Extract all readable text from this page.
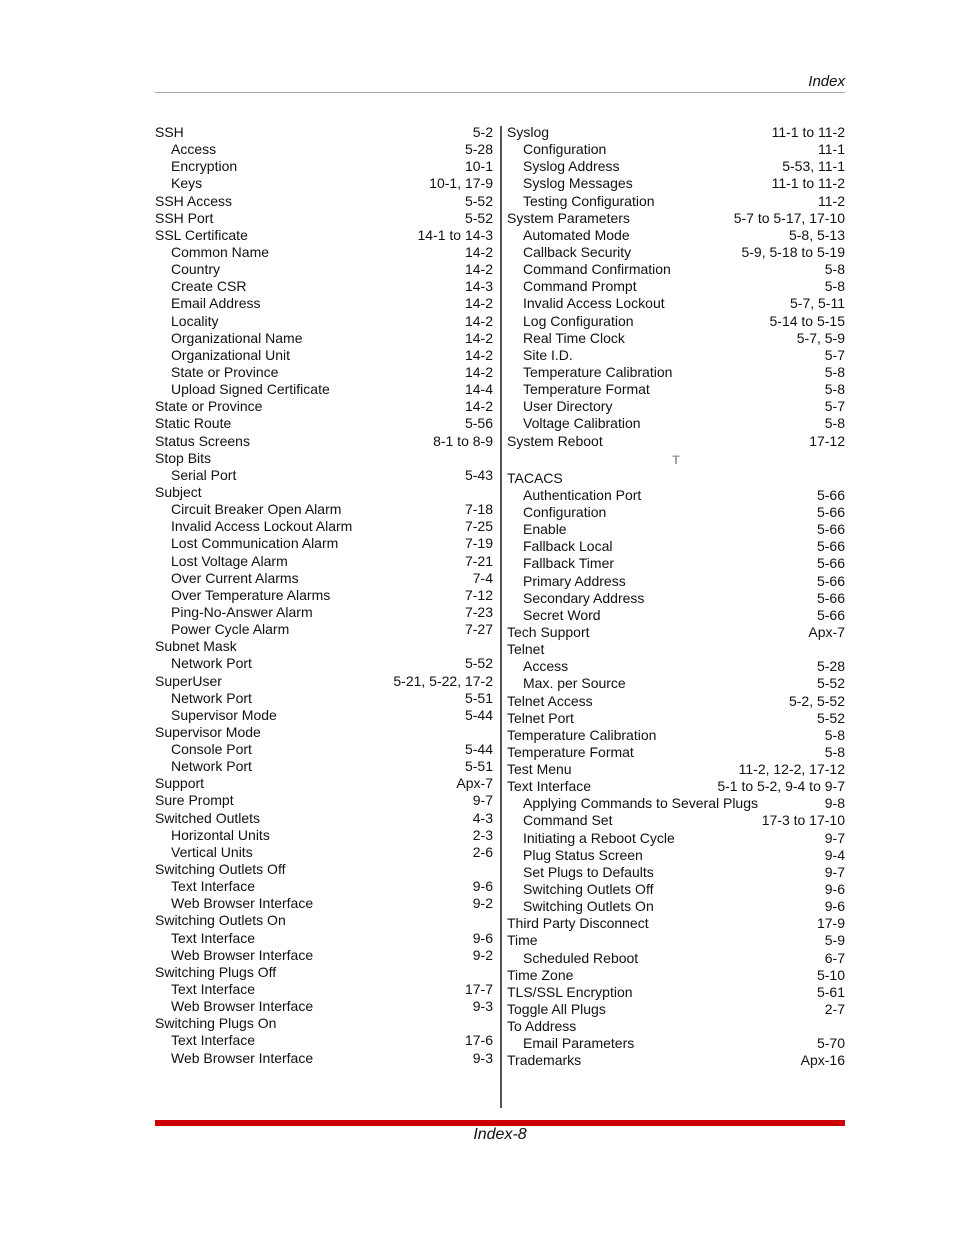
Index
SSH	5-2
Access	5-28
Encryption	10-1
Keys	10-1, 17-9
SSH Access	5-52
SSH Port	5-52
SSL Certificate	14-1 to 14-3
Common Name	14-2
Country	14-2
Create CSR	14-3
Email Address	14-2
Locality	14-2
Organizational Name	14-2
Organizational Unit	14-2
State or Province	14-2
Upload Signed Certificate	14-4
State or Province	14-2
Static Route	5-56
Status Screens	8-1 to 8-9
Stop Bits
Serial Port	5-43
Subject
Circuit Breaker Open Alarm	7-18
Invalid Access Lockout Alarm	7-25
Lost Communication Alarm	7-19
Lost Voltage Alarm	7-21
Over Current Alarms	7-4
Over Temperature Alarms	7-12
Ping-No-Answer Alarm	7-23
Power Cycle Alarm	7-27
Subnet Mask
Network Port	5-52
SuperUser	5-21, 5-22, 17-2
Network Port	5-51
Supervisor Mode	5-44
Supervisor Mode
Console Port	5-44
Network Port	5-51
Support	Apx-7
Sure Prompt	9-7
Switched Outlets	4-3
Horizontal Units	2-3
Vertical Units	2-6
Switching Outlets Off
Text Interface	9-6
Web Browser Interface	9-2
Switching Outlets On
Text Interface	9-6
Web Browser Interface	9-2
Switching Plugs Off
Text Interface	17-7
Web Browser Interface	9-3
Switching Plugs On
Text Interface	17-6
Web Browser Interface	9-3
Syslog	11-1 to 11-2
Configuration	11-1
Syslog Address	5-53, 11-1
Syslog Messages	11-1 to 11-2
Testing Configuration	11-2
System Parameters	5-7 to 5-17, 17-10
Automated Mode	5-8, 5-13
Callback Security	5-9, 5-18 to 5-19
Command Confirmation	5-8
Command Prompt	5-8
Invalid Access Lockout	5-7, 5-11
Log Configuration	5-14 to 5-15
Real Time Clock	5-7, 5-9
Site I.D.	5-7
Temperature Calibration	5-8
Temperature Format	5-8
User Directory	5-7
Voltage Calibration	5-8
System Reboot	17-12
T
TACACS
Authentication Port	5-66
Configuration	5-66
Enable	5-66
Fallback Local	5-66
Fallback Timer	5-66
Primary Address	5-66
Secondary Address	5-66
Secret Word	5-66
Tech Support	Apx-7
Telnet
Access	5-28
Max. per Source	5-52
Telnet Access	5-2, 5-52
Telnet Port	5-52
Temperature Calibration	5-8
Temperature Format	5-8
Test Menu	11-2, 12-2, 17-12
Text Interface	5-1 to 5-2, 9-4 to 9-7
Applying Commands to Several Plugs	9-8
Command Set	17-3 to 17-10
Initiating a Reboot Cycle	9-7
Plug Status Screen	9-4
Set Plugs to Defaults	9-7
Switching Outlets Off	9-6
Switching Outlets On	9-6
Third Party Disconnect	17-9
Time	5-9
Scheduled Reboot	6-7
Time Zone	5-10
TLS/SSL Encryption	5-61
Toggle All Plugs	2-7
To Address
Email Parameters	5-70
Trademarks	Apx-16
Index-8
